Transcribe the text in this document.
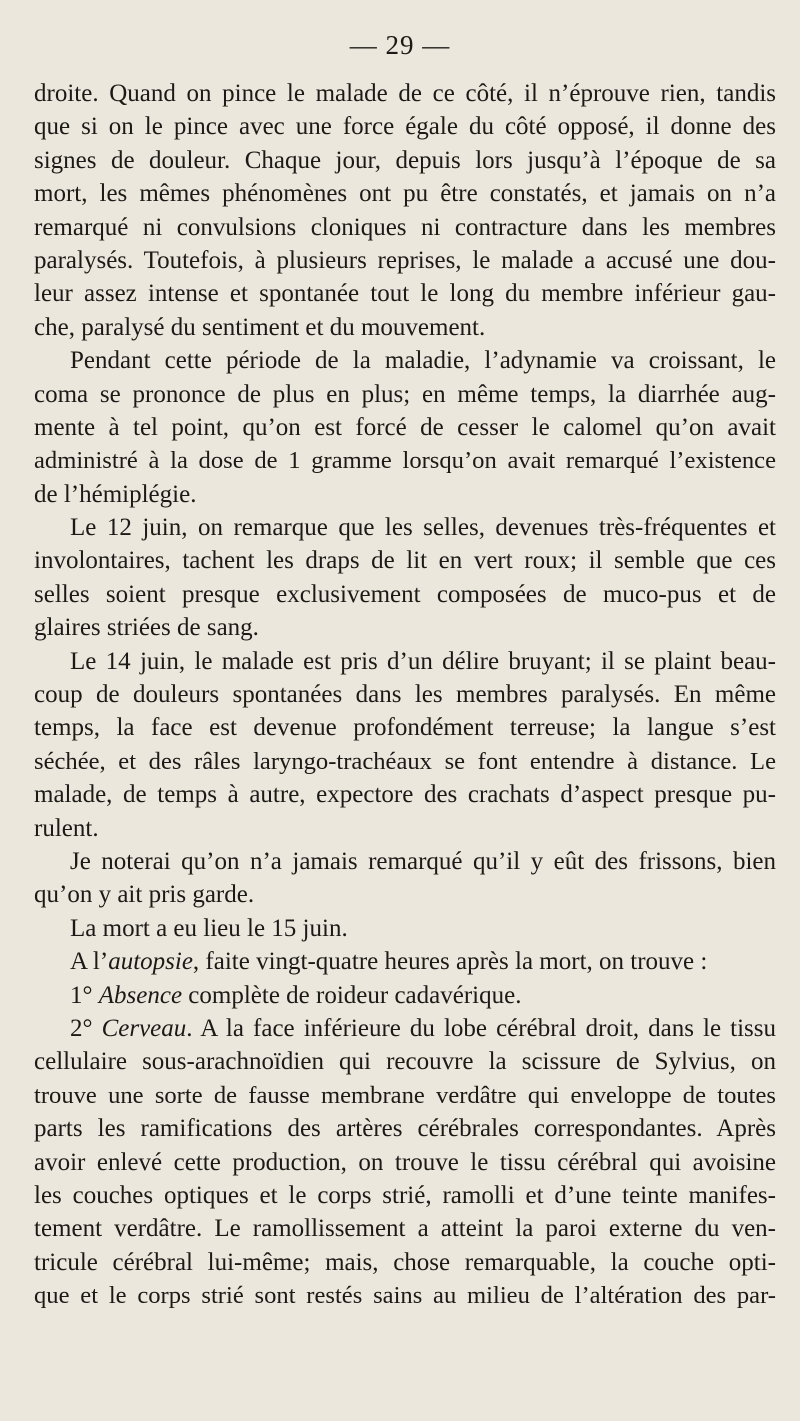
— 29 —
droite. Quand on pince le malade de ce côté, il n’éprouve rien, tandis
que si on le pince avec une force égale du côté opposé, il donne des
signes de douleur. Chaque jour, depuis lors jusqu’à l’époque de sa
mort, les mêmes phénomènes ont pu être constatés, et jamais on n’a
remarqué ni convulsions cloniques ni contracture dans les membres
paralysés. Toutefois, à plusieurs reprises, le malade a accusé une dou-
leur assez intense et spontanée tout le long du membre inférieur gau-
che, paralysé du sentiment et du mouvement.
Pendant cette période de la maladie, l’adynamie va croissant, le
coma se prononce de plus en plus; en même temps, la diarrhée aug-
mente à tel point, qu’on est forcé de cesser le calomel qu’on avait
administré à la dose de 1 gramme lorsqu’on avait remarqué l’existence
de l’hémiplégie.
Le 12 juin, on remarque que les selles, devenues très-fréquentes et
involontaires, tachent les draps de lit en vert roux; il semble que ces
selles soient presque exclusivement composées de muco-pus et de
glaires striées de sang.
Le 14 juin, le malade est pris d’un délire bruyant; il se plaint beau-
coup de douleurs spontanées dans les membres paralysés. En même
temps, la face est devenue profondément terreuse; la langue s’est
séchée, et des râles laryngo-trachéaux se font entendre à distance. Le
malade, de temps à autre, expectore des crachats d’aspect presque pu-
rulent.
Je noterai qu’on n’a jamais remarqué qu’il y eût des frissons, bien
qu’on y ait pris garde.
La mort a eu lieu le 15 juin.
A l’autopsie, faite vingt-quatre heures après la mort, on trouve :
1° Absence complète de roideur cadavérique.
2° Cerveau. A la face inférieure du lobe cérébral droit, dans le tissu
cellulaire sous-arachnoïdien qui recouvre la scissure de Sylvius, on
trouve une sorte de fausse membrane verdâtre qui enveloppe de toutes
parts les ramifications des artères cérébrales correspondantes. Après
avoir enlevé cette production, on trouve le tissu cérébral qui avoisine
les couches optiques et le corps strié, ramolli et d’une teinte manifes-
tement verdâtre. Le ramollissement a atteint la paroi externe du ven-
tricule cérébral lui-même; mais, chose remarquable, la couche opti-
que et le corps strié sont restés sains au milieu de l’altération des par-
